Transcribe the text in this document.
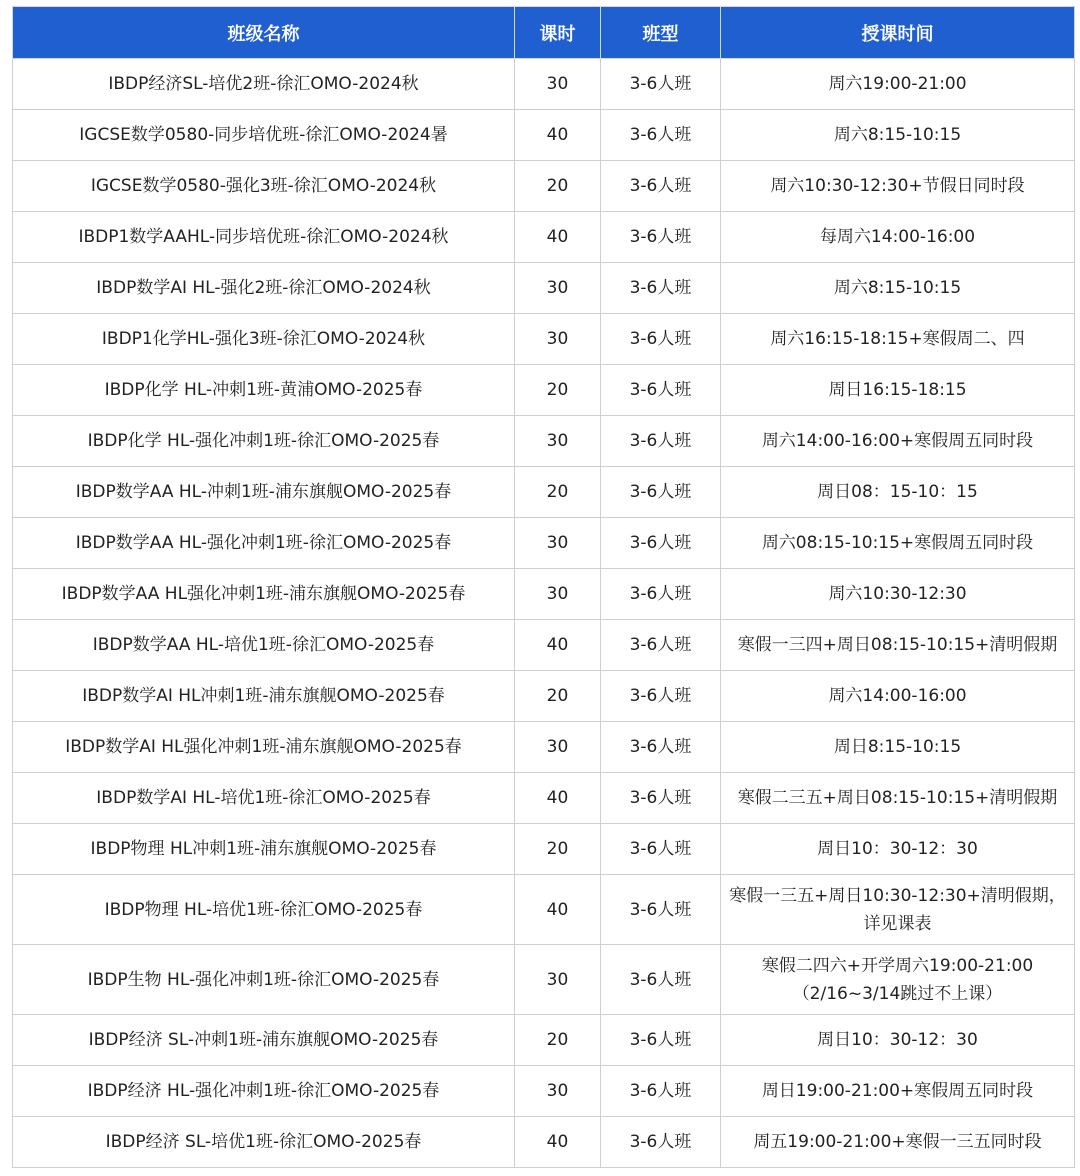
班级名称	课时	班型	授课时间
IBDP经济SL-培优2班-徐汇OMO-2024秋	30	3-6人班	周六19:00-21:00
IGCSE数学0580-同步培优班-徐汇OMO-2024暑	40	3-6人班	周六8:15-10:15
IGCSE数学0580-强化3班-徐汇OMO-2024秋	20	3-6人班	周六10:30-12:30+节假日同时段
IBDP1数学AAHL-同步培优班-徐汇OMO-2024秋	40	3-6人班	每周六14:00-16:00
IBDP数学AI HL-强化2班-徐汇OMO-2024秋	30	3-6人班	周六8:15-10:15
IBDP1化学HL-强化3班-徐汇OMO-2024秋	30	3-6人班	周六16:15-18:15+寒假周二、四
IBDP化学 HL-冲刺1班-黄浦OMO-2025春	20	3-6人班	周日16:15-18:15
IBDP化学 HL-强化冲刺1班-徐汇OMO-2025春	30	3-6人班	周六14:00-16:00+寒假周五同时段
IBDP数学AA HL-冲刺1班-浦东旗舰OMO-2025春	20	3-6人班	周日08：15-10：15
IBDP数学AA HL-强化冲刺1班-徐汇OMO-2025春	30	3-6人班	周六08:15-10:15+寒假周五同时段
IBDP数学AA HL强化冲刺1班-浦东旗舰OMO-2025春	30	3-6人班	周六10:30-12:30
IBDP数学AA HL-培优1班-徐汇OMO-2025春	40	3-6人班	寒假一三四+周日08:15-10:15+清明假期
IBDP数学AI HL冲刺1班-浦东旗舰OMO-2025春	20	3-6人班	周六14:00-16:00
IBDP数学AI HL强化冲刺1班-浦东旗舰OMO-2025春	30	3-6人班	周日8:15-10:15
IBDP数学AI HL-培优1班-徐汇OMO-2025春	40	3-6人班	寒假二三五+周日08:15-10:15+清明假期
IBDP物理 HL冲刺1班-浦东旗舰OMO-2025春	20	3-6人班	周日10：30-12：30
IBDP物理 HL-培优1班-徐汇OMO-2025春	40	3-6人班	寒假一三五+周日10:30-12:30+清明假期，详见课表
IBDP生物 HL-强化冲刺1班-徐汇OMO-2025春	30	3-6人班	寒假二四六+开学周六19:00-21:00（2/16~3/14跳过不上课）
IBDP经济 SL-冲刺1班-浦东旗舰OMO-2025春	20	3-6人班	周日10：30-12：30
IBDP经济 HL-强化冲刺1班-徐汇OMO-2025春	30	3-6人班	周日19:00-21:00+寒假周五同时段
IBDP经济 SL-培优1班-徐汇OMO-2025春	40	3-6人班	周五19:00-21:00+寒假一三五同时段
